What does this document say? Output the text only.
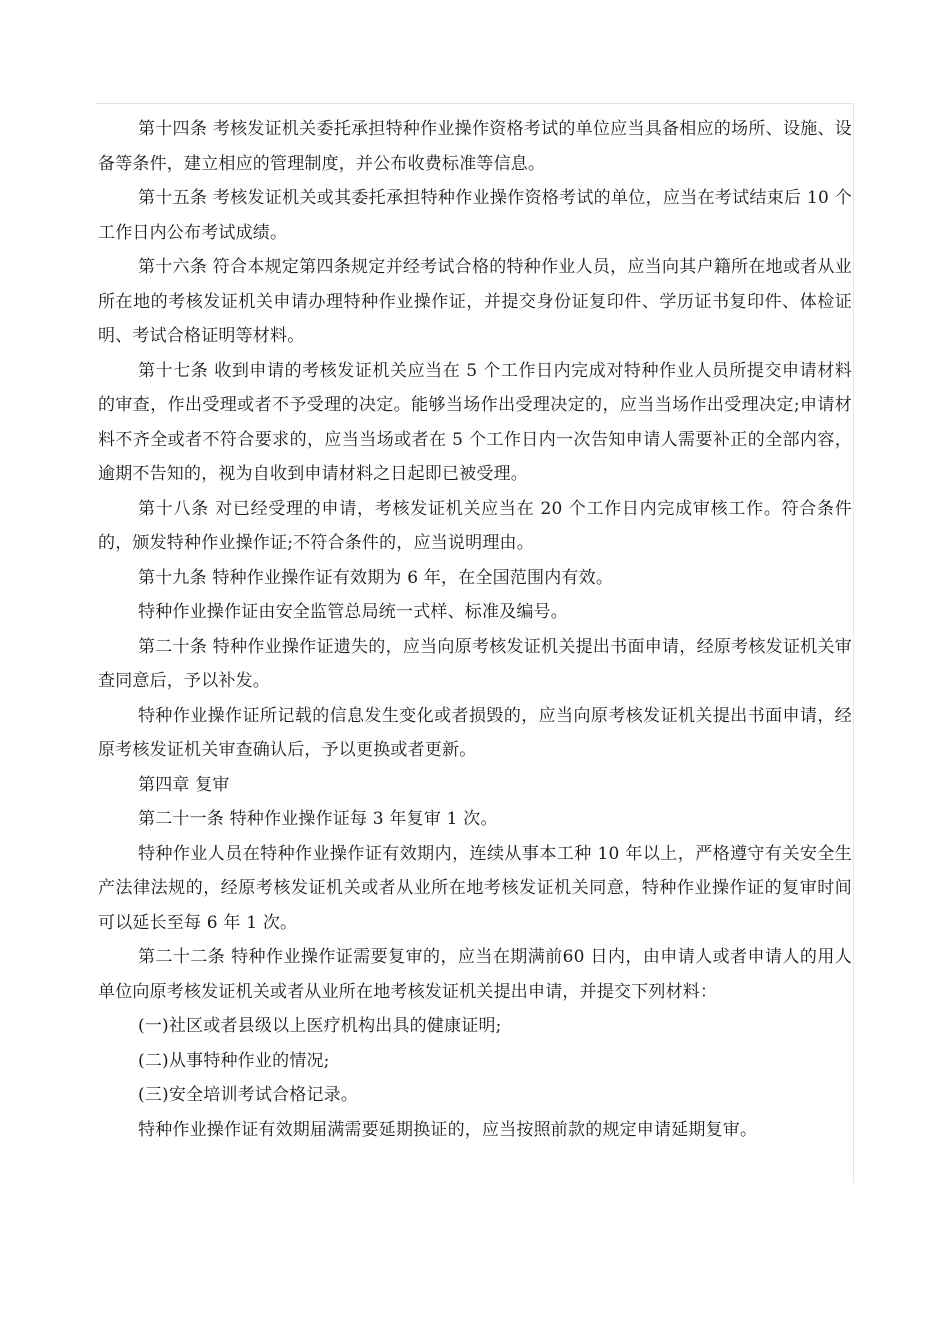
第十四条 考核发证机关委托承担特种作业操作资格考试的单位应当具备相应的场所、设施、设备等条件，建立相应的管理制度，并公布收费标准等信息。

第十五条 考核发证机关或其委托承担特种作业操作资格考试的单位，应当在考试结束后 10 个工作日内公布考试成绩。

第十六条 符合本规定第四条规定并经考试合格的特种作业人员，应当向其户籍所在地或者从业所在地的考核发证机关申请办理特种作业操作证，并提交身份证复印件、学历证书复印件、体检证明、考试合格证明等材料。

第十七条 收到申请的考核发证机关应当在 5 个工作日内完成对特种作业人员所提交申请材料的审查，作出受理或者不予受理的决定。能够当场作出受理决定的，应当当场作出受理决定;申请材料不齐全或者不符合要求的，应当当场或者在 5 个工作日内一次告知申请人需要补正的全部内容，逾期不告知的，视为自收到申请材料之日起即已被受理。

第十八条 对已经受理的申请，考核发证机关应当在 20 个工作日内完成审核工作。符合条件的，颁发特种作业操作证;不符合条件的，应当说明理由。

第十九条 特种作业操作证有效期为 6 年，在全国范围内有效。

特种作业操作证由安全监管总局统一式样、标准及编号。

第二十条 特种作业操作证遗失的，应当向原考核发证机关提出书面申请，经原考核发证机关审查同意后，予以补发。

特种作业操作证所记载的信息发生变化或者损毁的，应当向原考核发证机关提出书面申请，经原考核发证机关审查确认后，予以更换或者更新。

第四章 复审

第二十一条 特种作业操作证每 3 年复审 1 次。

特种作业人员在特种作业操作证有效期内，连续从事本工种 10 年以上，严格遵守有关安全生产法律法规的，经原考核发证机关或者从业所在地考核发证机关同意，特种作业操作证的复审时间可以延长至每 6 年 1 次。

第二十二条 特种作业操作证需要复审的，应当在期满前60 日内，由申请人或者申请人的用人单位向原考核发证机关或者从业所在地考核发证机关提出申请，并提交下列材料：

(一)社区或者县级以上医疗机构出具的健康证明;

(二)从事特种作业的情况;

(三)安全培训考试合格记录。

特种作业操作证有效期届满需要延期换证的，应当按照前款的规定申请延期复审。
